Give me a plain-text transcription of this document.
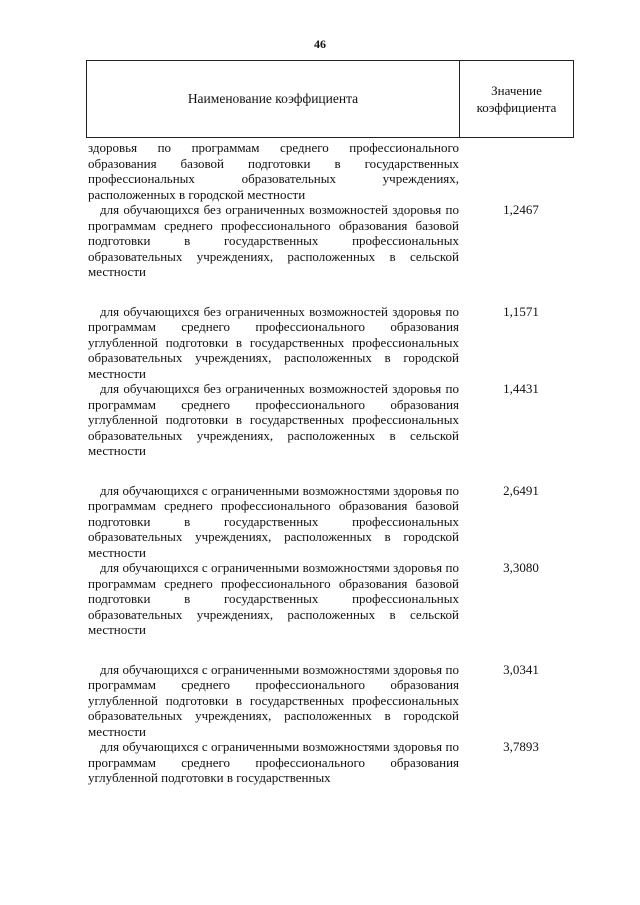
46
Наименование коэффициента
Значение
коэффициента
здоровья по программам среднего профессионального образования базовой подготовки в государственных профессиональных образовательных учреждениях, расположенных в городской местности
для обучающихся без ограниченных возможностей здоровья по программам среднего профессионального образования базовой подготовки в государственных профессиональных образовательных учреждениях, расположенных в сельской местности
1,2467
для обучающихся без ограниченных возможностей здоровья по программам среднего профессионального образования углубленной подготовки в государственных профессиональных образовательных учреждениях, расположенных в городской местности
1,1571
для обучающихся без ограниченных возможностей здоровья по программам среднего профессионального образования углубленной подготовки в государственных профессиональных образовательных учреждениях, расположенных в сельской местности
1,4431
для обучающихся с ограниченными возможностями здоровья по программам среднего профессионального образования базовой подготовки в государственных профессиональных образовательных учреждениях, расположенных в городской местности
2,6491
для обучающихся с ограниченными возможностями здоровья по программам среднего профессионального образования базовой подготовки в государственных профессиональных образовательных учреждениях, расположенных в сельской местности
3,3080
для обучающихся с ограниченными возможностями здоровья по программам среднего профессионального образования углубленной подготовки в государственных профессиональных образовательных учреждениях, расположенных в городской местности
3,0341
для обучающихся с ограниченными возможностями здоровья по программам среднего профессионального образования углубленной подготовки в государственных
3,7893
